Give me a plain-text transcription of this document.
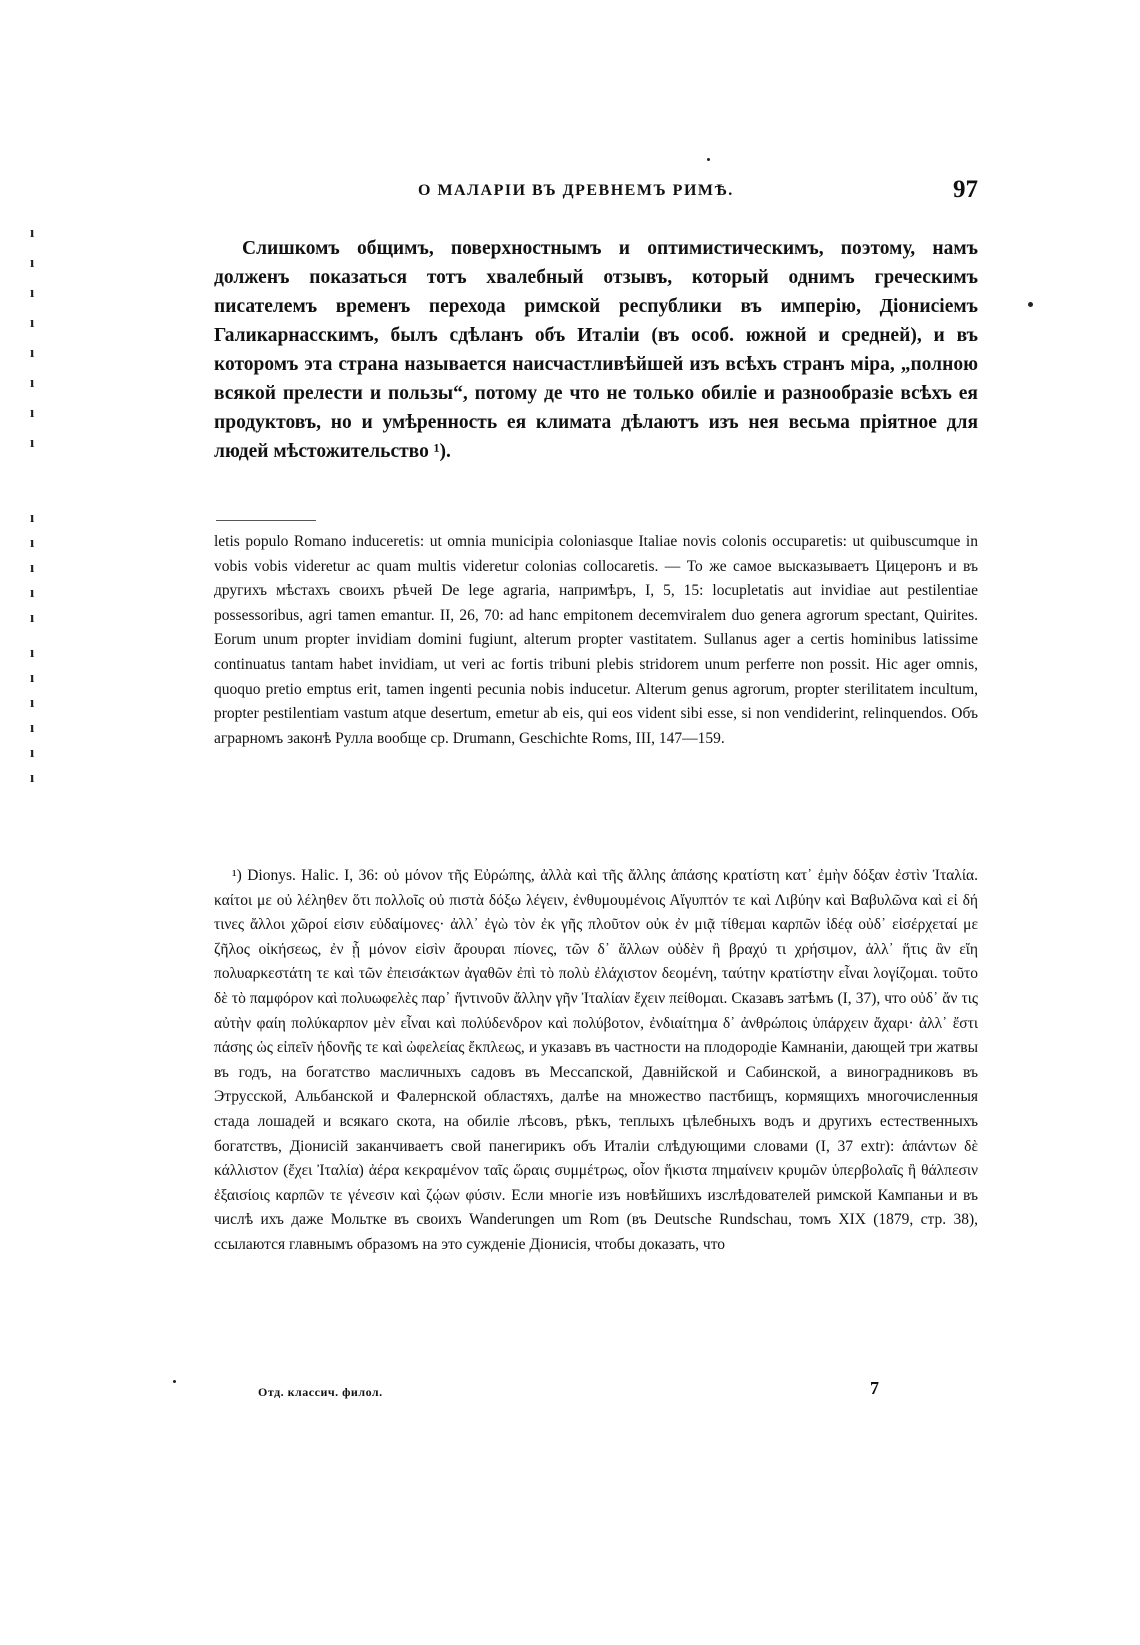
О МАЛАРІИ ВЪ ДРЕВНЕМЪ РИМѢ.	97

Слишкомъ общимъ, поверхностнымъ и оптимистическимъ, поэтому, намъ долженъ показаться тотъ хвалебный отзывъ, который однимъ греческимъ писателемъ временъ перехода римской республики въ имперію, Діонисіемъ Галикарнасскимъ, былъ сдѣланъ объ Италіи (въ особ. южной и средней), и въ которомъ эта страна называется наисчастливѣйшей изъ всѣхъ странъ міра, „полною всякой прелести и пользы“, потому де что не только обиліе и разнообразіе всѣхъ ея продуктовъ, но и умѣренность ея климата дѣлаютъ изъ нея весьма пріятное для людей мѣстожительство ¹).

letis populo Romano induceretis: ut omnia municipia coloniasque Italiae novis colonis occuparetis: ut quibuscumque in vobis vobis videretur ac quam multis videretur colonias collocaretis. — То же самое высказываетъ Цицеронъ и въ другихъ мѣстахъ своихъ рѣчей De lege agraria, напримѣръ, I, 5, 15: locupletatis aut invidiae aut pestilentiae possessoribus, agri tamen emantur. II, 26, 70: ad hanc empitonem decemviralem duo genera agrorum spectant, Quirites. Eorum unum propter invidiam domini fugiunt, alterum propter vastitatem. Sullanus ager a certis hominibus latissime continuatus tantam habet invidiam, ut veri ac fortis tribuni plebis stridorem unum perferre non possit. Hic ager omnis, quoquo pretio emptus erit, tamen ingenti pecunia nobis inducetur. Alterum genus agrorum, propter sterilitatem incultum, propter pestilentiam vastum atque desertum, emetur ab eis, qui eos vident sibi esse, si non vendiderint, relinquendos. Объ аграрномъ законѣ Рулла вообще ср. Drumann, Geschichte Roms, III, 147—159.

¹) Dionys. Halic. I, 36: οὐ μόνον τῆς Εὐρώπης, ἀλλὰ καὶ τῆς ἄλλης ἁπάσης κρατίστη κατ᾽ ἐμὴν δόξαν ἐστὶν Ἰταλία. καίτοι με οὐ λέληθεν ὅτι πολλοῖς οὐ πιστὰ δόξω λέγειν, ἐνθυμουμένοις Αἴγυπτόν τε καὶ Λιβύην καὶ Βαβυλῶνα καὶ εἰ δή τινες ἄλλοι χῶροί εἰσιν εὐδαίμονες· ἀλλ᾽ ἐγὼ τὸν ἐκ γῆς πλοῦτον οὐκ ἐν μιᾷ τίθεμαι καρπῶν ἰδέᾳ οὐδ᾽ εἰσέρχεταί με ζῆλος οἰκήσεως, ἐν ᾗ μόνον εἰσὶν ἄρουραι πίονες, τῶν δ᾽ ἄλλων οὐδὲν ἢ βραχύ τι χρήσιμον, ἀλλ᾽ ἥτις ἂν εἴη πολυαρκεστάτη τε καὶ τῶν ἐπεισάκτων ἀγαθῶν ἐπὶ τὸ πολὺ ἐλάχιστον δεομένη, ταύτην κρατίστην εἶναι λογίζομαι. τοῦτο δὲ τὸ παμφόρον καὶ πολυωφελὲς παρ᾽ ἥντινοῦν ἄλλην γῆν Ἰταλίαν ἔχειν πείθομαι. Сказавъ затѣмъ (I, 37), что οὐδ᾽ ἄν τις αὐτὴν φαίη πολύκαρπον μὲν εἶναι καὶ πολύδενδρον καὶ πολύβοτον, ἐνδιαίτημα δ᾽ ἀνθρώποις ὑπάρχειν ἄχαρι· ἀλλ᾽ ἔστι πάσης ὡς εἰπεῖν ἡδονῆς τε καὶ ὠφελείας ἔκπλεως, и указавъ въ частности на плодородіе Камнаніи, дающей три жатвы въ годъ, на богатство масличныхъ садовъ въ Мессапской, Давнійской и Сабинской, а виноградниковъ въ Этрусской, Альбанской и Фалернской областяхъ, далѣе на множество пастбищъ, кормящихъ многочисленныя стада лошадей и всякаго скота, на обиліе лѣсовъ, рѣкъ, теплыхъ цѣлебныхъ водъ и другихъ естественныхъ богатствъ, Діонисій заканчиваетъ свой панегирикъ объ Италіи слѣдующими словами (I, 37 extr): ἁπάντων δὲ κάλλιστον (ἔχει Ἰταλία) ἀέρα κεκραμένον ταῖς ὥραις συμμέτρως, οἷον ἥκιστα πημαίνειν κρυμῶν ὑπερβολαῖς ἢ θάλπεσιν ἐξαισίοις καρπῶν τε γένεσιν καὶ ζῴων φύσιν. Если многіе изъ новѣйшихъ изслѣдователей римской Кампаньи и въ числѣ ихъ даже Мольтке въ своихъ Wanderungen um Rom (въ Deutsche Rundschau, томъ XIX (1879, стр. 38), ссылаются главнымъ образомъ на это сужденіе Діонисія, чтобы доказать, что

Отд. классич. филол.	7
ı
ı
ı
ı
ı
ı
ı
ı
ı
ı
ı
ı
ı
ı
ı
ı
ı
ı
ı
